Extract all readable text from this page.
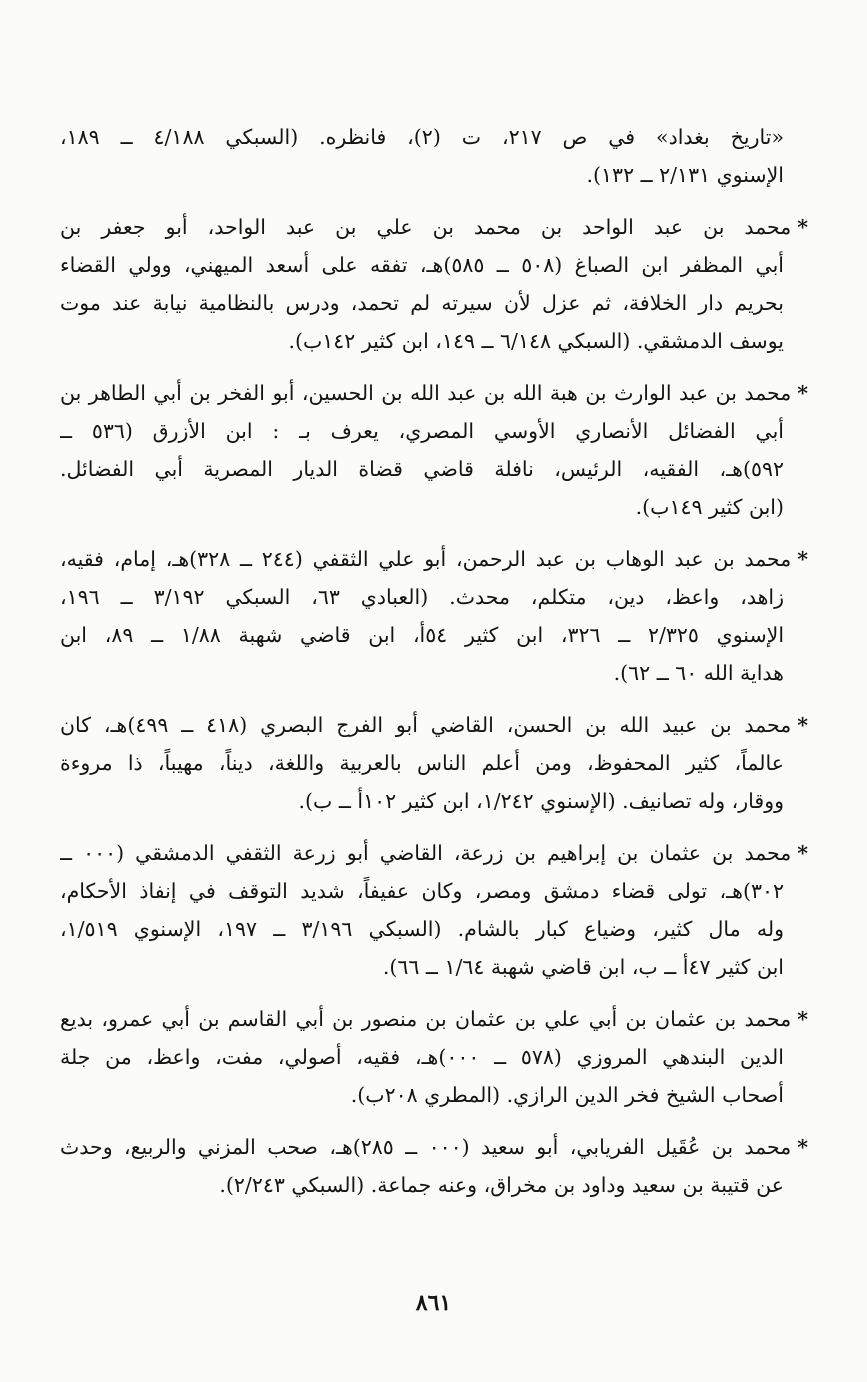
«تاريخ بغداد» في ص ٢١٧، ت (٢)، فانظره. (السبكي ٤/١٨٨ ــ ١٨٩،
الإسنوي ٢/١٣١ ــ ١٣٢).
*محمد بن عبد الواحد بن محمد بن علي بن عبد الواحد، أبو جعفر بن
أبي المظفر ابن الصباغ (٥٠٨ ــ ٥٨٥)هـ، تفقه على أسعد الميهني، وولي القضاء
بحريم دار الخلافة، ثم عزل لأن سيرته لم تحمد، ودرس بالنظامية نيابة عند موت
يوسف الدمشقي. (السبكي ٦/١٤٨ ــ ١٤٩، ابن كثير ١٤٢ب).
*محمد بن عبد الوارث بن هبة الله بن عبد الله بن الحسين، أبو الفخر بن أبي الطاهر بن
أبي الفضائل الأنصاري الأوسي المصري، يعرف بـ : ابن الأزرق (٥٣٦ ــ
٥٩٢)هـ، الفقيه، الرئيس، نافلة قاضي قضاة الديار المصرية أبي الفضائل.
(ابن كثير ١٤٩ب).
*محمد بن عبد الوهاب بن عبد الرحمن، أبو علي الثقفي (٢٤٤ ــ ٣٢٨)هـ، إمام، فقيه،
زاهد، واعظ، دين، متكلم، محدث. (العبادي ٦٣، السبكي ٣/١٩٢ ــ ١٩٦،
الإسنوي ٢/٣٢٥ ــ ٣٢٦، ابن كثير ٥٤أ، ابن قاضي شهبة ١/٨٨ ــ ٨٩، ابن
هداية الله ٦٠ ــ ٦٢).
*محمد بن عبيد الله بن الحسن، القاضي أبو الفرج البصري (٤١٨ ــ ٤٩٩)هـ، كان
عالماً، كثير المحفوظ، ومن أعلم الناس بالعربية واللغة، ديناً، مهيباً، ذا مروءة
ووقار، وله تصانيف. (الإسنوي ١/٢٤٢، ابن كثير ١٠٢أ ــ ب).
*محمد بن عثمان بن إبراهيم بن زرعة، القاضي أبو زرعة الثقفي الدمشقي (٠٠٠ ــ
٣٠٢)هـ، تولى قضاء دمشق ومصر، وكان عفيفاً، شديد التوقف في إنفاذ الأحكام،
وله مال كثير، وضياع كبار بالشام. (السبكي ٣/١٩٦ ــ ١٩٧، الإسنوي ١/٥١٩،
ابن كثير ٤٧أ ــ ب، ابن قاضي شهبة ١/٦٤ ــ ٦٦).
*محمد بن عثمان بن أبي علي بن عثمان بن منصور بن أبي القاسم بن أبي عمرو، بديع
الدين البندهي المروزي (٥٧٨ ــ ٠٠٠)هـ، فقيه، أصولي، مفت، واعظ، من جلة
أصحاب الشيخ فخر الدين الرازي. (المطري ٢٠٨ب).
*محمد بن عُقَيل الفريابي، أبو سعيد (٠٠٠ ــ ٢٨٥)هـ، صحب المزني والربيع، وحدث
عن قتيبة بن سعيد وداود بن مخراق، وعنه جماعة. (السبكي ٢/٢٤٣).
٨٦١
